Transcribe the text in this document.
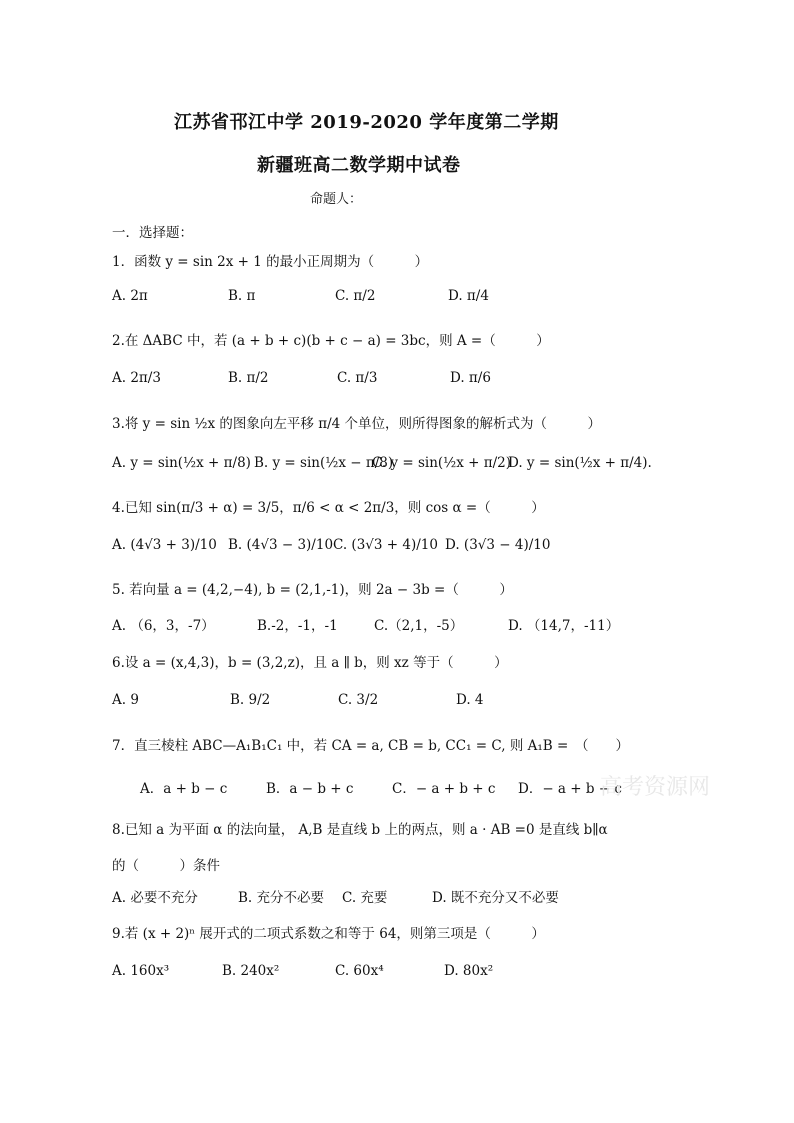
江苏省邗江中学 2019-2020 学年度第二学期
新疆班高二数学期中试卷
命题人：
一．选择题：
1．函数 y = sin 2x + 1 的最小正周期为（　　　）
A. 2π	B. π	C. π/2	D. π/4
2.在 ΔABC 中，若 (a + b + c)(b + c − a) = 3bc，则 A =（　　　）
A. 2π/3	B. π/2	C. π/3	D. π/6
3.将 y = sin ½x 的图象向左平移 π/4 个单位，则所得图象的解析式为（　　　）
A. y = sin(½x + π/8) B. y = sin(½x − π/8)
C. y = sin(½x + π/2)
D. y = sin(½x + π/4).
4.已知 sin(π/3 + α) = 3/5，π/6 < α < 2π/3，则 cos α =（　　　）
A. (4√3 + 3)/10 B. (4√3 − 3)/10 C. (3√3 + 4)/10 D. (3√3 − 4)/10
5. 若向量 a = (4,2,−4), b = (2,1,-1)，则 2a − 3b =（　　　）
A. （6，3，-7）	B.-2，-1，-1	C.（2,1，-5）	D. （14,7，-11）
6.设 a = (x,4,3)，b = (3,2,z)，且 a ∥ b，则 xz 等于（　　　）
A. 9	B. 9/2	C. 3/2	D. 4
7．直三棱柱 ABC—A₁B₁C₁ 中，若 CA = a, CB = b, CC₁ = C, 则 A₁B =　（　　）
A．a + b − c	B．a − b + c	C．− a + b + c D．− a + b − c
高考资源网
8.已知 a 为平面 α 的法向量， A,B 是直线 b 上的两点，则 a · AB =0 是直线 b∥α
的（　　　）条件
A. 必要不充分	B. 充分不必要 C. 充要	D. 既不充分又不必要
9.若 (x + 2)ⁿ 展开式的二项式系数之和等于 64，则第三项是（　　　）
A. 160x³	B. 240x²	C. 60x⁴	D. 80x²
